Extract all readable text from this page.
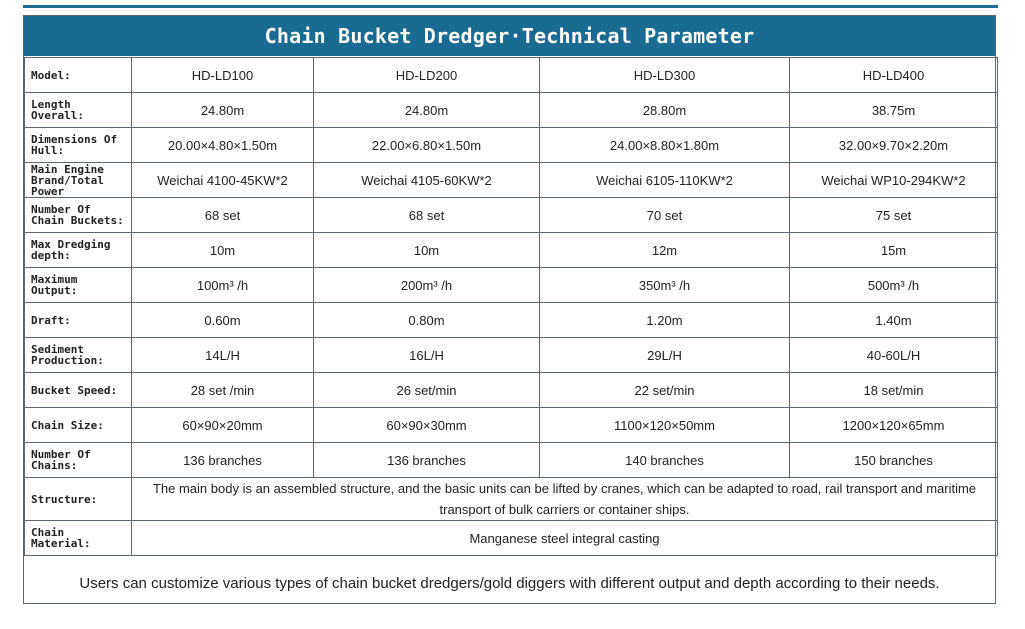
Chain Bucket Dredger·Technical Parameter
Model:	HD-LD100	HD-LD200	HD-LD300	HD-LD400
Length Overall:	24.80m	24.80m	28.80m	38.75m
Dimensions Of Hull:	20.00×4.80×1.50m	22.00×6.80×1.50m	24.00×8.80×1.80m	32.00×9.70×2.20m
Main Engine Brand/Total Power	Weichai 4100-45KW*2	Weichai 4105-60KW*2	Weichai 6105-110KW*2	Weichai WP10-294KW*2
Number Of Chain Buckets:	68 set	68 set	70 set	75 set
Max Dredging depth:	10m	10m	12m	15m
Maximum Output:	100m³ /h	200m³ /h	350m³ /h	500m³ /h
Draft:	0.60m	0.80m	1.20m	1.40m
Sediment Production:	14L/H	16L/H	29L/H	40-60L/H
Bucket Speed:	28 set /min	26 set/min	22 set/min	18 set/min
Chain Size:	60×90×20mm	60×90×30mm	1100×120×50mm	1200×120×65mm
Number Of Chains:	136 branches	136 branches	140 branches	150 branches
Structure:	The main body is an assembled structure, and the basic units can be lifted by cranes, which can be adapted to road, rail transport and maritime transport of bulk carriers or container ships.			
Chain Material:	Manganese steel integral casting			
Users can customize various types of chain bucket dredgers/gold diggers with different output and depth according to their needs.
